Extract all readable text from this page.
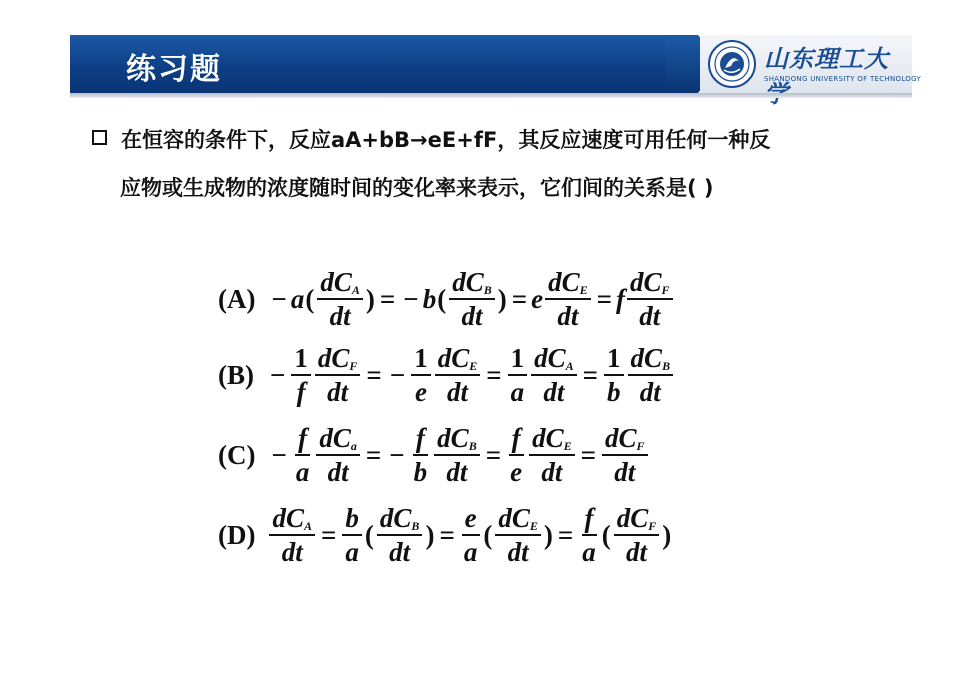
练习题	山东理工大
SHANDONG UNIVERSITY OF TECHNOLOGY
在恒容的条件下，反应aA+bB→eE+fF，其反应速度可用任何一种反
应物或生成物的浓度随时间的变化率来表示，它们间的关系是( )
(A) − a ( $\frac{dC_A}{dt}$ ) = − b ( $\frac{dC_B}{dt}$ ) = e $\frac{dC_E}{dt} = f \frac{dC_F}{dt}$
$(B) - \frac{1}{f} \frac{dC_F}{dt}$ = − $\frac{1}{e} \frac{dC_E}{dt} = \frac{1}{a} \frac{dC_A}{dt} = \frac{1}{b} \frac{dC_B}{dt}$
$(C) - \frac{f}{a} \frac{dC_a}{dt}$ = − $\frac{f}{b} \frac{dC_B}{dt} = \frac{f}{e} \frac{dC_E}{dt} = \frac{dC_F}{dt}$
$(D) \frac{dC_A}{dt} = \frac{b}{a}$ ( $\frac{dC_B}{dt}$ ) = $\frac{e}{a}$ ( $\frac{dC_E}{dt}$ ) = $\frac{f}{a}$ ( $\frac{dC_F}{dt}$ )
